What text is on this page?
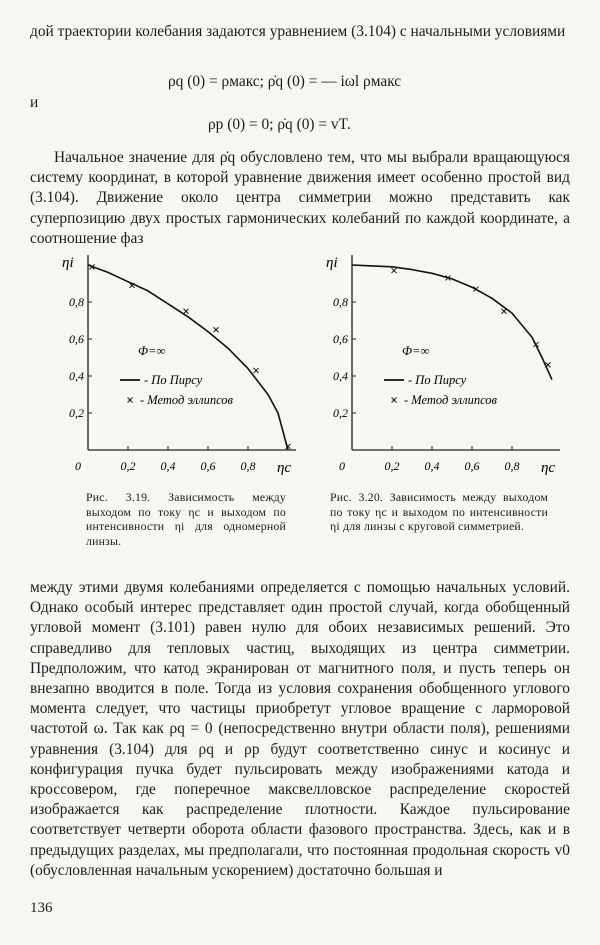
дой траектории колебания задаются уравнением (3.104) с начальными условиями

ρq (0) = ρмакс; ρ̇q (0) = — iωl ρмакс
и
ρp (0) = 0; ρ̇q (0) = vT.

Начальное значение для ρ̇q обусловлено тем, что мы выбрали вращающуюся систему координат, в которой уравнение движения имеет особенно простой вид (3.104). Движение около центра симметрии можно представить как суперпозицию двух простых гармонических колебаний по каждой координате, а соотношение фаз

0	0,2 0,4 0,6 0,8 ηc
0,2
0,4
0,6
0,8
ηi
Ф=∞
- По Пирсу
- Метод эллипсов
0	0,2 0,4 0,6 0,8 ηc
0,2
0,4
0,6
0,8
ηi
Ф=∞
- По Пирсу
- Метод эллипсов
Рис. 3.19. Зависимость между выходом по току ηc и выходом по интенсивности ηi для одномерной линзы.
Рис. 3.20. Зависимость между выходом по току ηc и выходом по интенсивности ηi для линзы с круговой симметрией.

между этими двумя колебаниями определяется с помощью начальных условий. Однако особый интерес представляет один простой случай, когда обобщенный угловой момент (3.101) равен нулю для обоих независимых решений. Это справедливо для тепловых частиц, выходящих из центра симметрии. Предположим, что катод экранирован от магнитного поля, и пусть теперь он внезапно вводится в поле. Тогда из условия сохранения обобщенного углового момента следует, что частицы приобретут угловое вращение с ларморовой частотой ω. Так как ρq = 0 (непосредственно внутри области поля), решениями уравнения (3.104) для ρq и ρp будут соответственно синус и косинус и конфигурация пучка будет пульсировать между изображениями катода и кроссовером, где поперечное максвелловское распределение скоростей изображается как распределение плотности. Каждое пульсирование соответствует четверти оборота области фазового пространства. Здесь, как и в предыдущих разделах, мы предполагали, что постоянная продольная скорость v0 (обусловленная начальным ускорением) достаточно большая и

136
